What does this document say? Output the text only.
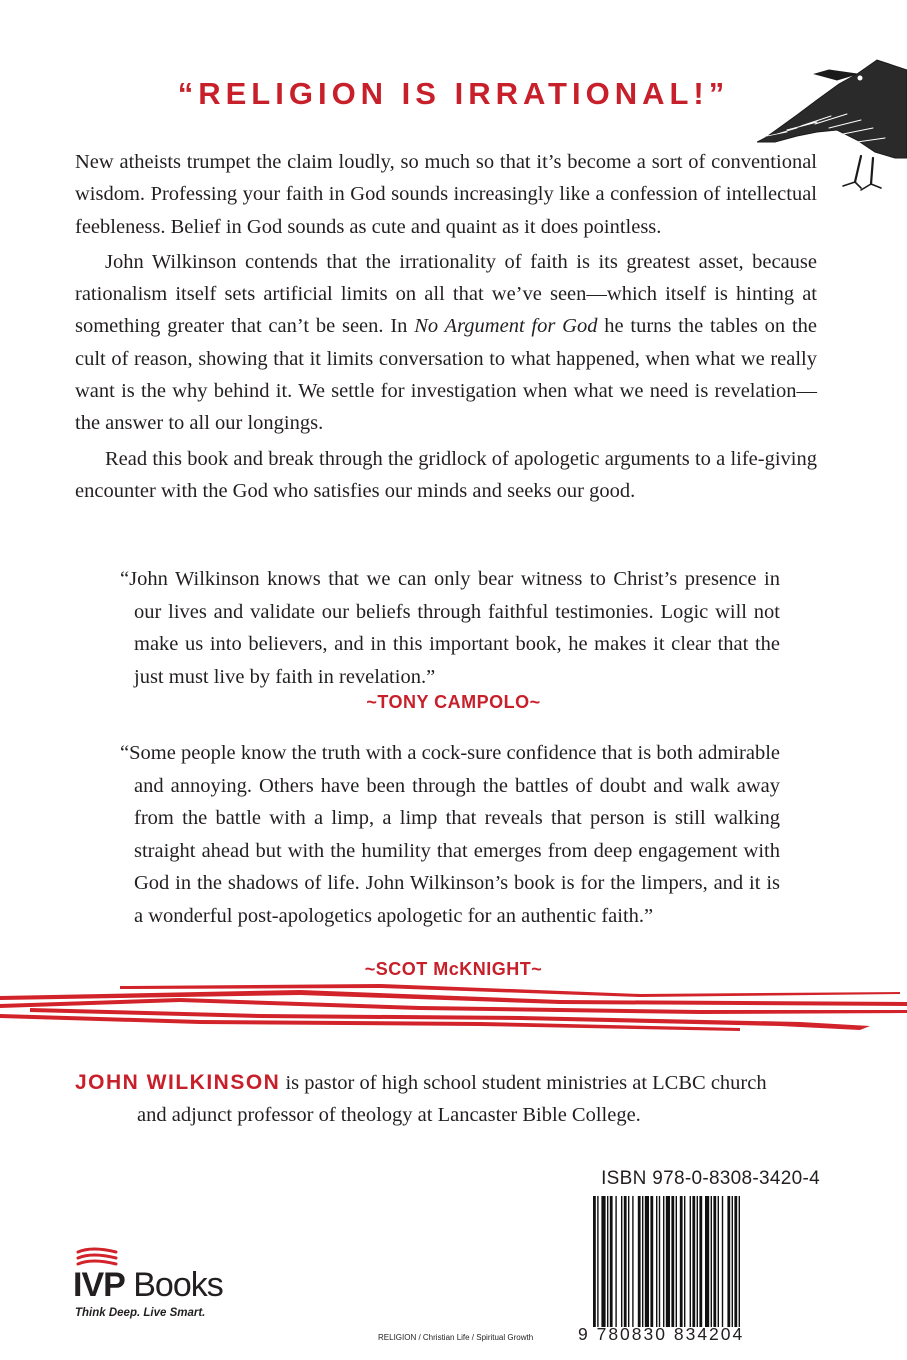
“RELIGION IS IRRATIONAL!”

New atheists trumpet the claim loudly, so much so that it’s become a sort of conventional wisdom. Professing your faith in God sounds increasingly like a confession of intellectual feebleness. Belief in God sounds as cute and quaint as it does pointless.

John Wilkinson contends that the irrationality of faith is its greatest asset, because rationalism itself sets artificial limits on all that we’ve seen—which itself is hinting at something greater that can’t be seen. In No Argument for God he turns the tables on the cult of reason, showing that it limits conversation to what happened, when what we really want is the why behind it. We settle for investigation when what we need is revelation—the answer to all our longings.

Read this book and break through the gridlock of apologetic arguments to a life-giving encounter with the God who satisfies our minds and seeks our good.

“John Wilkinson knows that we can only bear witness to Christ’s presence in our lives and validate our beliefs through faithful testimonies. Logic will not make us into believers, and in this important book, he makes it clear that the just must live by faith in revelation.”

~TONY CAMPOLO~

“Some people know the truth with a cock-sure confidence that is both admirable and annoying. Others have been through the battles of doubt and walk away from the battle with a limp, a limp that reveals that person is still walking straight ahead but with the humility that emerges from deep engagement with God in the shadows of life. John Wilkinson’s book is for the limpers, and it is a wonderful post-apologetics apologetic for an authentic faith.”

~SCOT McKNIGHT~
JOHN WILKINSON is pastor of high school student ministries at LCBC church
and adjunct professor of theology at Lancaster Bible College.
ISBN 978-0-8308-3420-4
9 780830 834204
RELIGION / Christian Life / Spiritual Growth
IVP Books
Think Deep. Live Smart.
